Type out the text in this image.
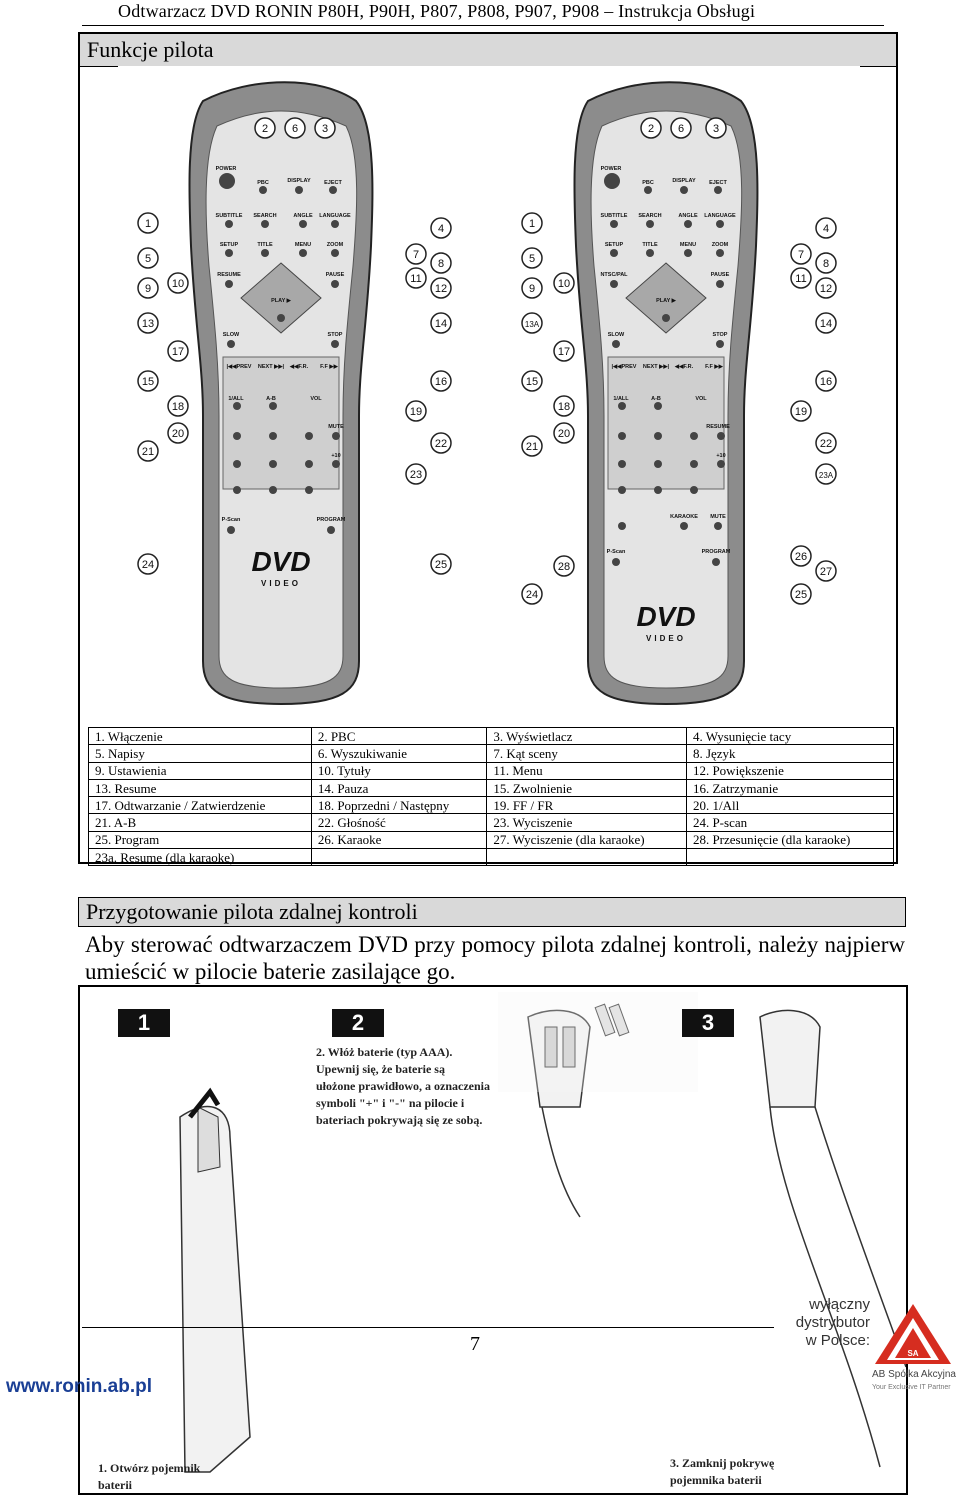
Odtwarzacz DVD RONIN P80H, P90H, P807, P808, P907, P908 – Instrukcja Obsługi
Funkcje pilota
POWER
PBC	DISPLAY EJECT
SUBTITLE SEARCH	ANGLE LANGUAGE
SETUP	TITLE	MENU	ZOOM
RESUME	PAUSE
PLAY ▶
SLOW	STOP
|◀◀PREV NEXT ▶▶| ◀◀F.R. F.F ▶▶
1/ALL	A-B	VOL
MUTE
+10
P-Scan	PROGRAM
DVD
VIDEO
POWER
PBC	DISPLAY EJECT
SUBTITLE SEARCH	ANGLE LANGUAGE
SETUP	TITLE	MENU	ZOOM
NTSC/PAL	PAUSE
PLAY ▶
SLOW	STOP
|◀◀PREV NEXT ▶▶| ◀◀F.R. F.F ▶▶
1/ALL	A-B	VOL
RESUME
+10
KARAOKE MUTE
P-Scan	PROGRAM
DVD
VIDEO
2 6 3
1	4
5	7
8
9 10	11
12
13	14
17
15	16
18	19
20
21
22
23
24	25
2 6	3
1	4
5	7
8
9 10	11
12
13A	14
17
15	16
18	19
20
21	22
23A
26
27
28
24	25
1. Włączenie	2. PBC	3. Wyświetlacz	4. Wysunięcie tacy
5. Napisy	6. Wyszukiwanie	7. Kąt sceny	8. Język
9. Ustawienia	10. Tytuły	11. Menu	12. Powiększenie
13. Resume	14. Pauza	15. Zwolnienie	16. Zatrzymanie
17. Odtwarzanie / Zatwierdzenie	18. Poprzedni / Następny	19. FF / FR	20. 1/All
21. A-B	22. Głośność	23. Wyciszenie	24. P-scan
25. Program	26. Karaoke	27. Wyciszenie (dla karaoke)	28. Przesunięcie (dla karaoke)
23a. Resume (dla karaoke)			
Przygotowanie pilota zdalnej kontroli
Aby sterować odtwarzaczem DVD przy pomocy pilota zdalnej kontroli, należy najpierw umieścić w pilocie baterie zasilające go.
1	2	3
1. Otwórz pojemnik
baterii
2. Włóż baterie (typ AAA).
Upewnij się, że baterie są
ułożone prawidłowo, a oznaczenia
symboli "+" i "-" na pilocie i
bateriach pokrywają się ze sobą.
3. Zamknij pokrywę
pojemnika baterii
7
www.ronin.ab.pl
wyłączny
dystrybutor
w Polsce:
SA
AB Spółka Akcyjna
Your Exclusive IT Partner
